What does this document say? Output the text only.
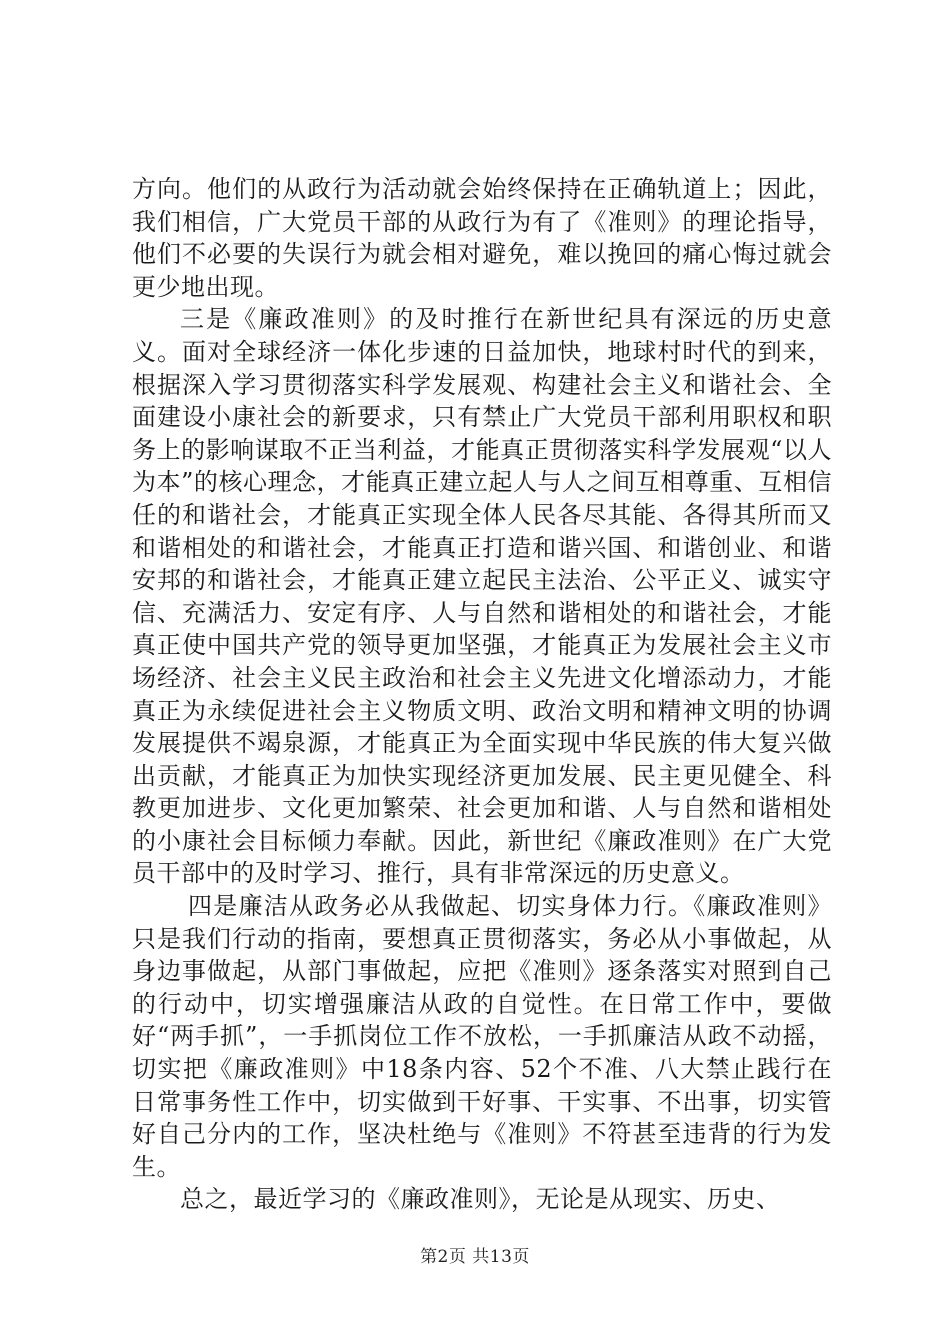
方向。他们的从政行为活动就会始终保持在正确轨道上；因此，我们相信，广大党员干部的从政行为有了《准则》的理论指导，他们不必要的失误行为就会相对避免，难以挽回的痛心悔过就会更少地出现。

三是《廉政准则》的及时推行在新世纪具有深远的历史意义。面对全球经济一体化步速的日益加快，地球村时代的到来，根据深入学习贯彻落实科学发展观、构建社会主义和谐社会、全面建设小康社会的新要求，只有禁止广大党员干部利用职权和职务上的影响谋取不正当利益，才能真正贯彻落实科学发展观“以人为本”的核心理念，才能真正建立起人与人之间互相尊重、互相信任的和谐社会，才能真正实现全体人民各尽其能、各得其所而又和谐相处的和谐社会，才能真正打造和谐兴国、和谐创业、和谐安邦的和谐社会，才能真正建立起民主法治、公平正义、诚实守信、充满活力、安定有序、人与自然和谐相处的和谐社会，才能真正使中国共产党的领导更加坚强，才能真正为发展社会主义市场经济、社会主义民主政治和社会主义先进文化增添动力，才能真正为永续促进社会主义物质文明、政治文明和精神文明的协调发展提供不竭泉源，才能真正为全面实现中华民族的伟大复兴做出贡献，才能真正为加快实现经济更加发展、民主更见健全、科教更加进步、文化更加繁荣、社会更加和谐、人与自然和谐相处的小康社会目标倾力奉献。因此，新世纪《廉政准则》在广大党员干部中的及时学习、推行，具有非常深远的历史意义。

四是廉洁从政务必从我做起、切实身体力行。《廉政准则》只是我们行动的指南，要想真正贯彻落实，务必从小事做起，从身边事做起，从部门事做起，应把《准则》逐条落实对照到自己的行动中，切实增强廉洁从政的自觉性。在日常工作中，要做好“两手抓”，一手抓岗位工作不放松，一手抓廉洁从政不动摇，切实把《廉政准则》中18条内容、52个不准、八大禁止践行在日常事务性工作中，切实做到干好事、干实事、不出事，切实管好自己分内的工作，坚决杜绝与《准则》不符甚至违背的行为发生。

总之，最近学习的《廉政准则》，无论是从现实、历史、

第2页 共13页
